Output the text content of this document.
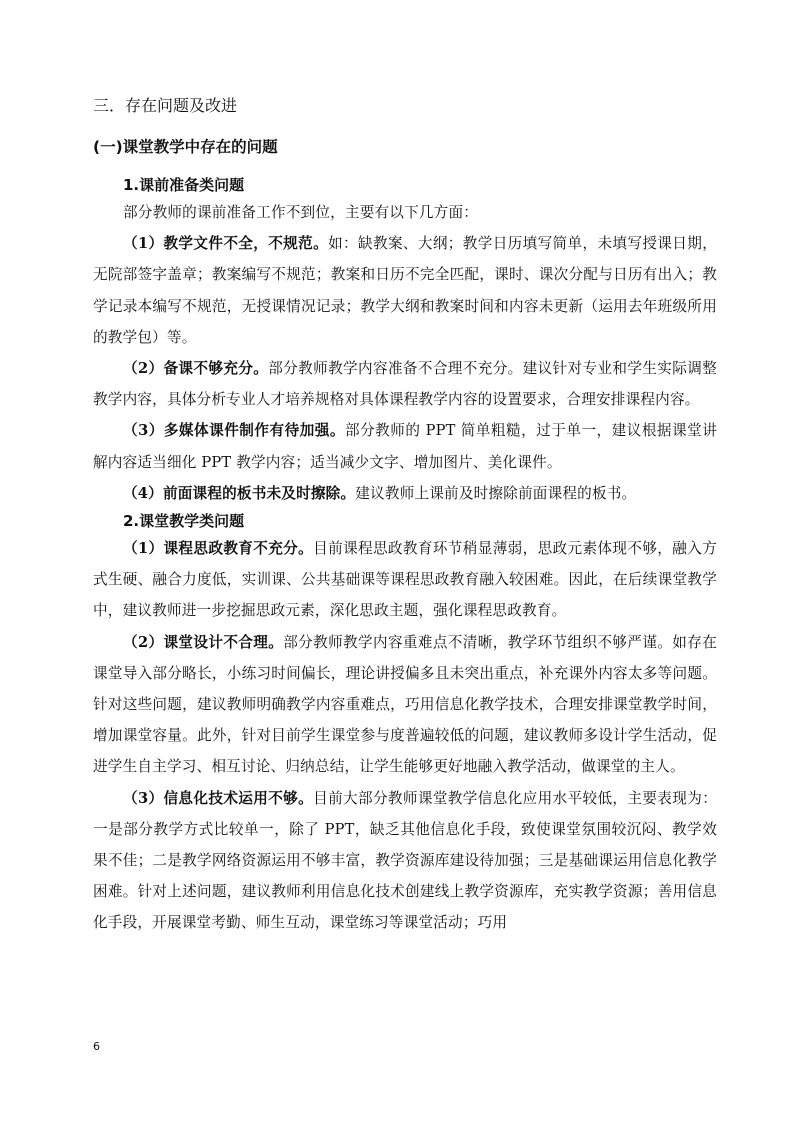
三．存在问题及改进
(一)课堂教学中存在的问题
1.课前准备类问题

部分教师的课前准备工作不到位，主要有以下几方面：

（1）教学文件不全，不规范。如：缺教案、大纲；教学日历填写简单，未填写授课日期，无院部签字盖章；教案编写不规范；教案和日历不完全匹配，课时、课次分配与日历有出入；教学记录本编写不规范，无授课情况记录；教学大纲和教案时间和内容未更新（运用去年班级所用的教学包）等。

（2）备课不够充分。部分教师教学内容准备不合理不充分。建议针对专业和学生实际调整教学内容，具体分析专业人才培养规格对具体课程教学内容的设置要求，合理安排课程内容。

（3）多媒体课件制作有待加强。部分教师的 PPT 简单粗糙，过于单一，建议根据课堂讲解内容适当细化 PPT 教学内容；适当减少文字、增加图片、美化课件。

（4）前面课程的板书未及时擦除。建议教师上课前及时擦除前面课程的板书。

2.课堂教学类问题

（1）课程思政教育不充分。目前课程思政教育环节稍显薄弱，思政元素体现不够，融入方式生硬、融合力度低，实训课、公共基础课等课程思政教育融入较困难。因此，在后续课堂教学中，建议教师进一步挖掘思政元素，深化思政主题，强化课程思政教育。

（2）课堂设计不合理。部分教师教学内容重难点不清晰，教学环节组织不够严谨。如存在课堂导入部分略长，小练习时间偏长，理论讲授偏多且未突出重点，补充课外内容太多等问题。针对这些问题，建议教师明确教学内容重难点，巧用信息化教学技术，合理安排课堂教学时间，增加课堂容量。此外，针对目前学生课堂参与度普遍较低的问题，建议教师多设计学生活动，促进学生自主学习、相互讨论、归纳总结，让学生能够更好地融入教学活动，做课堂的主人。

（3）信息化技术运用不够。目前大部分教师课堂教学信息化应用水平较低，主要表现为：一是部分教学方式比较单一，除了 PPT，缺乏其他信息化手段，致使课堂氛围较沉闷、教学效果不佳；二是教学网络资源运用不够丰富，教学资源库建设待加强；三是基础课运用信息化教学困难。针对上述问题，建议教师利用信息化技术创建线上教学资源库，充实教学资源；善用信息化手段，开展课堂考勤、师生互动，课堂练习等课堂活动；巧用

6
